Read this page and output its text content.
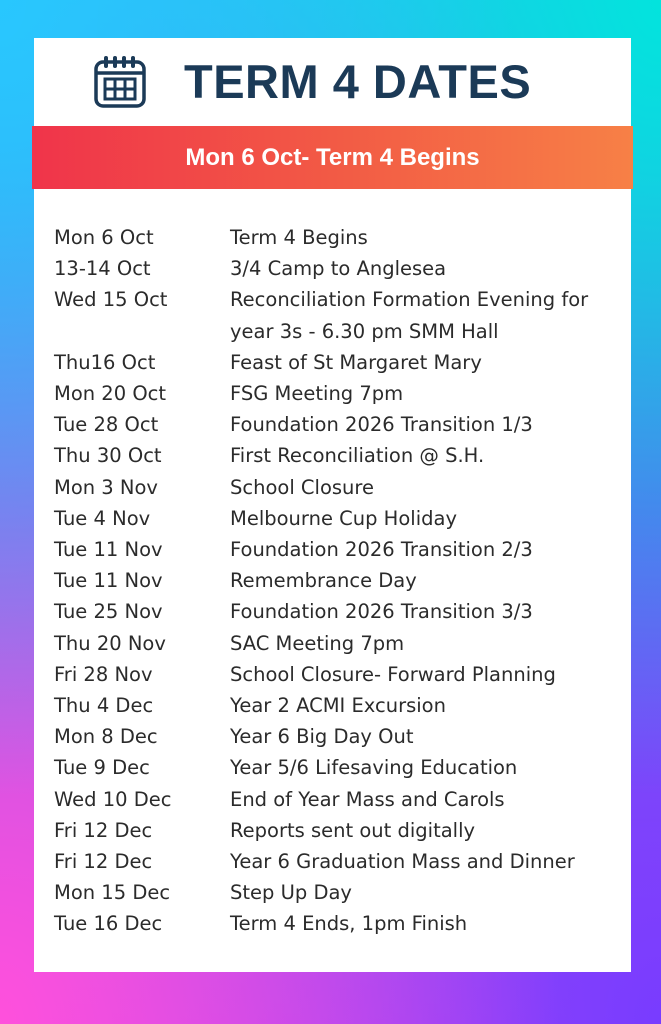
TERM 4 DATES
Mon 6 Oct- Term 4 Begins
Mon 6 Oct	Term 4 Begins
13-14 Oct	3/4 Camp to Anglesea
Wed 15 Oct	Reconciliation Formation Evening for year 3s - 6.30 pm SMM Hall
Thu16 Oct	Feast of St Margaret Mary
Mon 20 Oct	FSG Meeting 7pm
Tue 28 Oct	Foundation 2026 Transition 1/3
Thu 30 Oct	First Reconciliation @ S.H.
Mon 3 Nov	School Closure
Tue 4 Nov	Melbourne Cup Holiday
Tue 11 Nov	Foundation 2026 Transition 2/3
Tue 11 Nov	Remembrance Day
Tue 25 Nov	Foundation 2026 Transition 3/3
Thu 20 Nov	SAC Meeting 7pm
Fri 28 Nov	School Closure- Forward Planning
Thu 4 Dec	Year 2 ACMI Excursion
Mon 8 Dec	Year 6 Big Day Out
Tue 9 Dec	Year 5/6 Lifesaving Education
Wed 10 Dec	End of Year Mass and Carols
Fri 12 Dec	Reports sent out digitally
Fri 12 Dec	Year 6 Graduation Mass and Dinner
Mon 15 Dec	Step Up Day
Tue 16 Dec	Term 4 Ends, 1pm Finish
